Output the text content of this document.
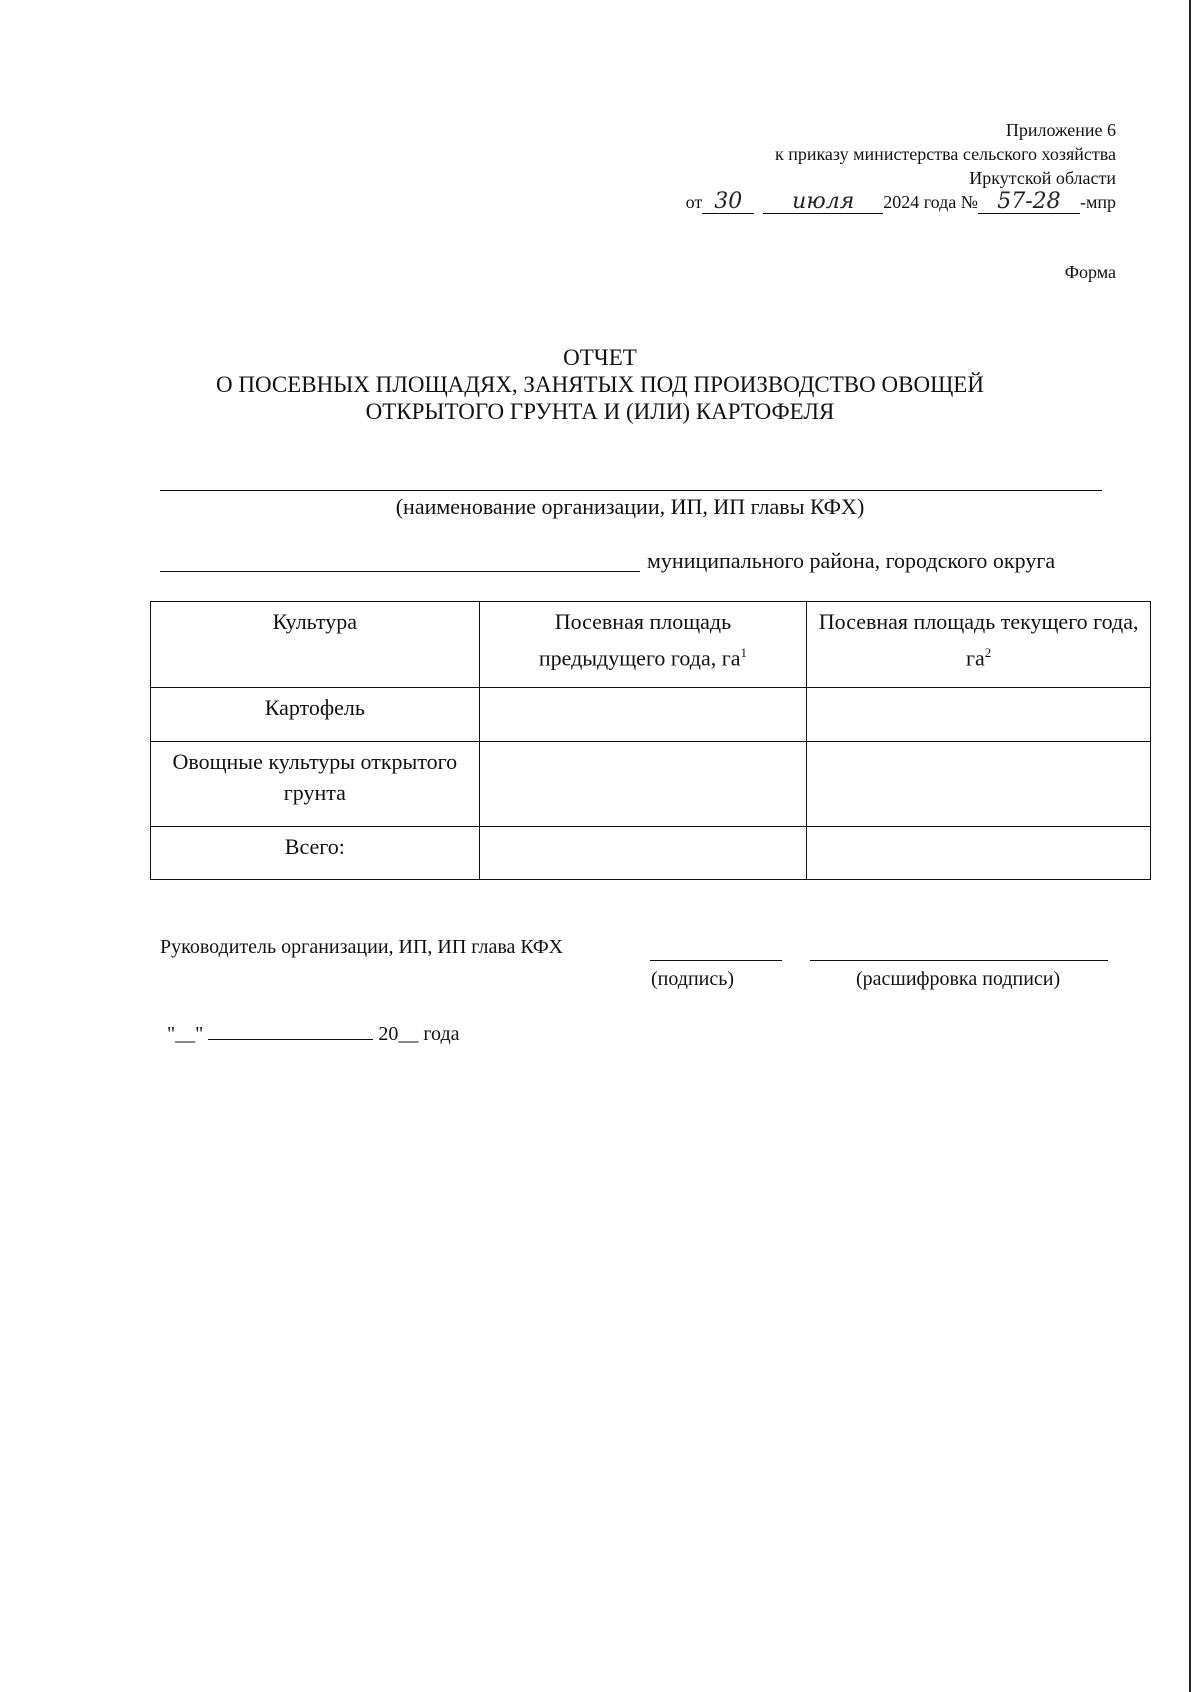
Приложение 6
к приказу министерства сельского хозяйства
Иркутской области
от 30 июля 2024 года № 57-28 -мпр
Форма
ОТЧЕТ
О ПОСЕВНЫХ ПЛОЩАДЯХ, ЗАНЯТЫХ ПОД ПРОИЗВОДСТВО ОВОЩЕЙ
ОТКРЫТОГО ГРУНТА И (ИЛИ) КАРТОФЕЛЯ
(наименование организации, ИП, ИП главы КФХ)
муниципального района, городского округа
Культура	Посевная площадь предыдущего года, $га^1$	Посевная площадь текущего года, $га^2$
Картофель		
Овощные культуры открытого грунта		
Всего:		
Руководитель организации, ИП, ИП глава КФХ
(подпись)	(расшифровка подписи)
"__"	20__ года
